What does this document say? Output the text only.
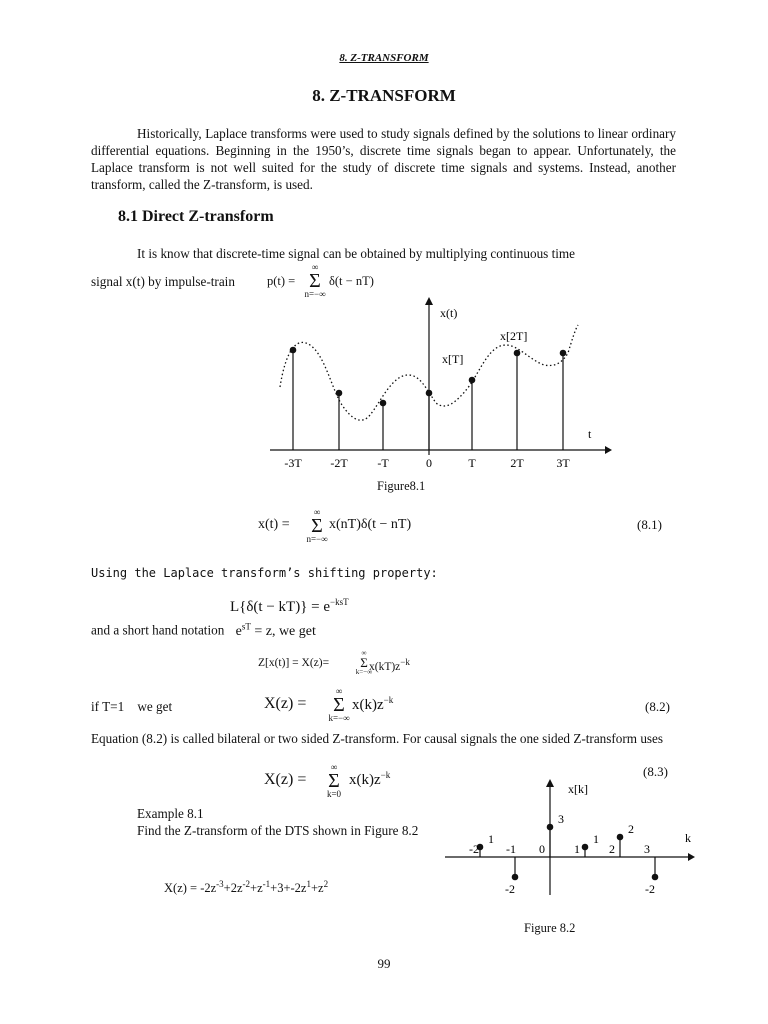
8. Z-TRANSFORM
8. Z-TRANSFORM
Historically, Laplace transforms were used to study signals defined by the solutions to linear ordinary differential equations. Beginning in the 1950’s, discrete time signals began to appear. Unfortunately, the Laplace transform is not well suited for the study of discrete time signals and systems. Instead, another transform, called the Z-transform, is used.
8.1 Direct Z-transform
It is know that discrete-time signal can be obtained by multiplying continuous time
signal x(t) by impulse-train	p(t) =
∞
Σ
n=−∞
δ(t − nT)
x(t)
x[2T]
x[T]
t
-3T -2T -T	0	T	2T	3T
Figure8.1
x(t) =
∞
Σ
n=−∞
x(nT)δ(t − nT)	(8.1)
Using the Laplace transform’s shifting property:
$L\{\delta(t - kT)\} = e^{-ksT}$
and a short hand notation $e^{sT} = z$, we get
Z[x(t)] = X(z)=
∞
Σ
k=−∞
$x(kT)z^{-k}$
if T=1    we get	X(z) =
∞
Σ
k=−∞
$x(k)z^{-k}$	(8.2)
Equation (8.2) is called bilateral or two sided Z-transform. For causal signals the one sided Z-transform uses
X(z) =
∞
Σ
k=0
$x(k)z^{-k}$	(8.3)
Example 8.1
Find the Z-transform of the DTS shown in Figure 8.2
$X(z) = -2z^{-3}+2z^{-2}+z^{-1}+3+-2z^1+z^2$
x[k]
k
1
-2
3
1
2
-2
-2 -1 0 1 2 3
Figure 8.2
99
